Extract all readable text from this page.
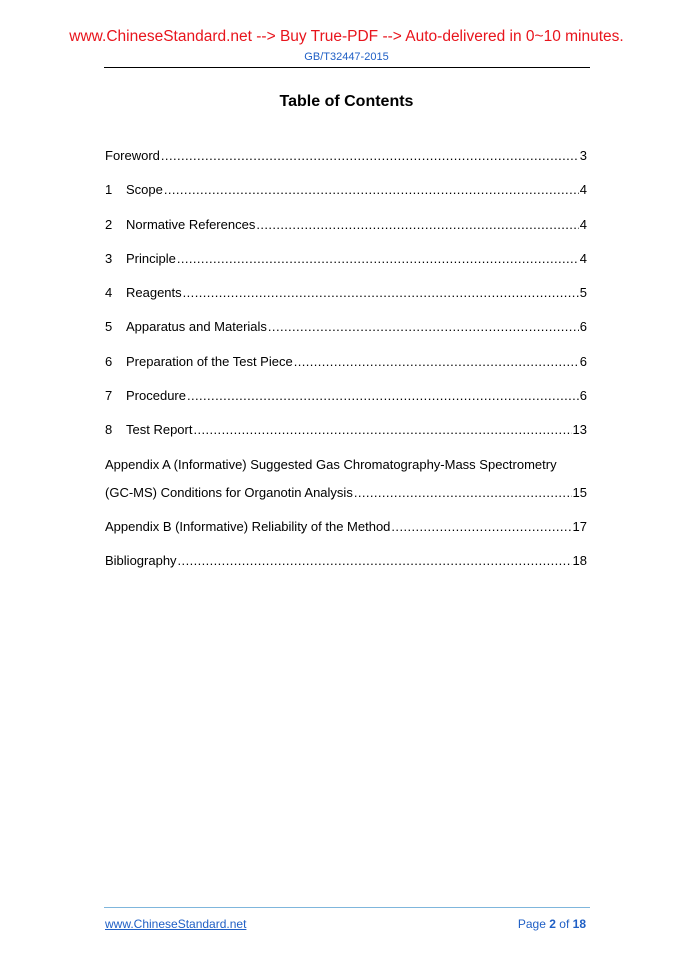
www.ChineseStandard.net --> Buy True-PDF --> Auto-delivered in 0~10 minutes.
GB/T32447-2015
Table of Contents
Foreword .....	3
1	Scope .....	4
2	Normative References .....	4
3	Principle .....	4
4	Reagents .....	5
5	Apparatus and Materials .....	6
6	Preparation of the Test Piece .....	6
7	Procedure .....	6
8	Test Report .....	13
Appendix A (Informative) Suggested Gas Chromatography-Mass Spectrometry
(GC-MS) Conditions for Organotin Analysis .....	15
Appendix B (Informative) Reliability of the Method .....	17
Bibliography .....	18
www.ChineseStandard.net	Page 2 of 18
